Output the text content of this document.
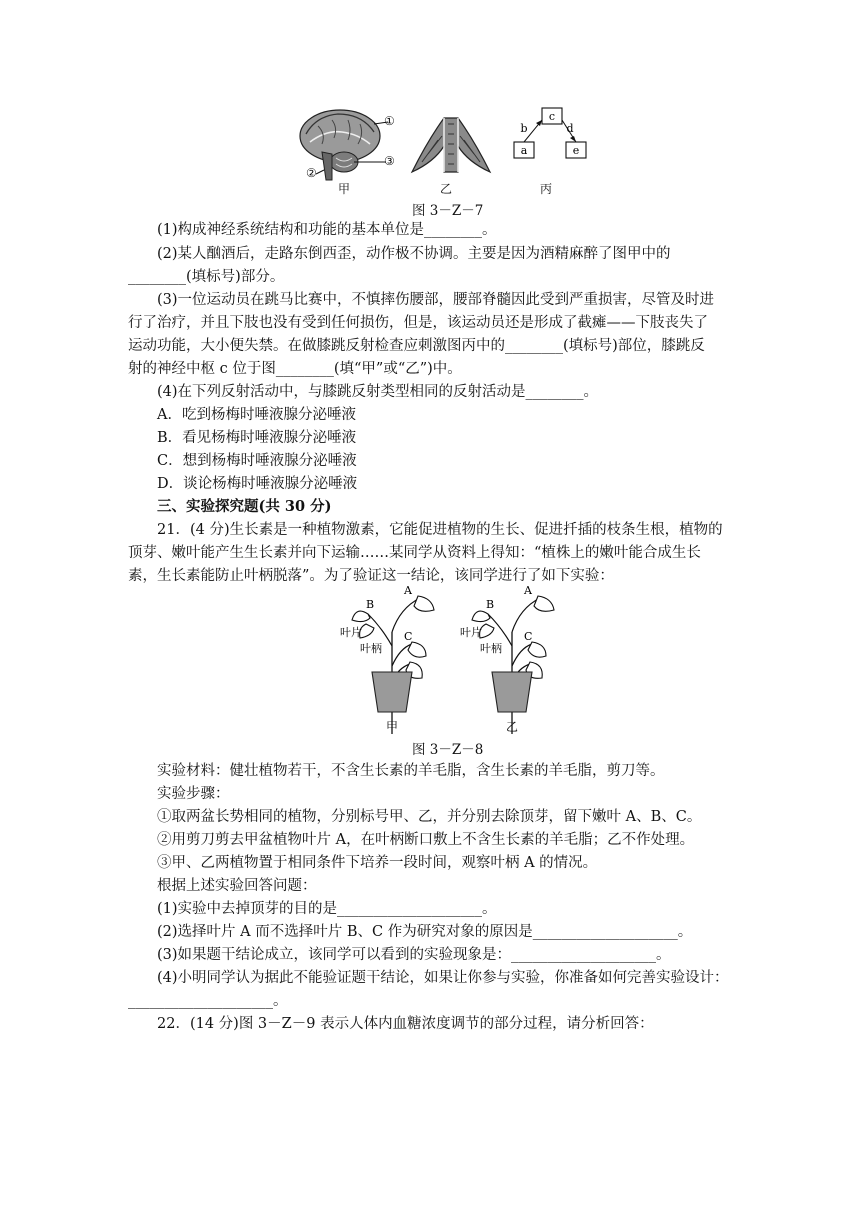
①
②
③
c
a	e
b	d
甲	乙	丙
图 3－Z－7
(1)构成神经系统结构和功能的基本单位是________。
(2)某人酗酒后，走路东倒西歪，动作极不协调。主要是因为酒精麻醉了图甲中的
________(填标号)部分。
(3)一位运动员在跳马比赛中，不慎摔伤腰部，腰部脊髓因此受到严重损害，尽管及时进
行了治疗，并且下肢也没有受到任何损伤，但是，该运动员还是形成了截瘫——下肢丧失了
运动功能，大小便失禁。在做膝跳反射检查应刺激图丙中的________(填标号)部位，膝跳反
射的神经中枢 c 位于图________(填“甲”或“乙”)中。
(4)在下列反射活动中，与膝跳反射类型相同的反射活动是________。
A．吃到杨梅时唾液腺分泌唾液
B．看见杨梅时唾液腺分泌唾液
C．想到杨梅时唾液腺分泌唾液
D．谈论杨梅时唾液腺分泌唾液
三、实验探究题(共 30 分)
21．(4 分)生长素是一种植物激素，它能促进植物的生长、促进扦插的枝条生根，植物的
顶芽、嫩叶能产生生长素并向下运输……某同学从资料上得知：“植株上的嫩叶能合成生长
素，生长素能防止叶柄脱落”。为了验证这一结论，该同学进行了如下实验：
A
B
C
叶片
叶柄
A
B
C
叶片
叶柄
甲	乙
图 3－Z－8
实验材料：健壮植物若干，不含生长素的羊毛脂，含生长素的羊毛脂，剪刀等。
实验步骤：
①取两盆长势相同的植物，分别标号甲、乙，并分别去除顶芽，留下嫩叶 A、B、C。
②用剪刀剪去甲盆植物叶片 A，在叶柄断口敷上不含生长素的羊毛脂；乙不作处理。
③甲、乙两植物置于相同条件下培养一段时间，观察叶柄 A 的情况。
根据上述实验回答问题：
(1)实验中去掉顶芽的目的是____________________。
(2)选择叶片 A 而不选择叶片 B、C 作为研究对象的原因是____________________。
(3)如果题干结论成立，该同学可以看到的实验现象是：____________________。
(4)小明同学认为据此不能验证题干结论，如果让你参与实验，你准备如何完善实验设计：
____________________。
22．(14 分)图 3－Z－9 表示人体内血糖浓度调节的部分过程，请分析回答：
